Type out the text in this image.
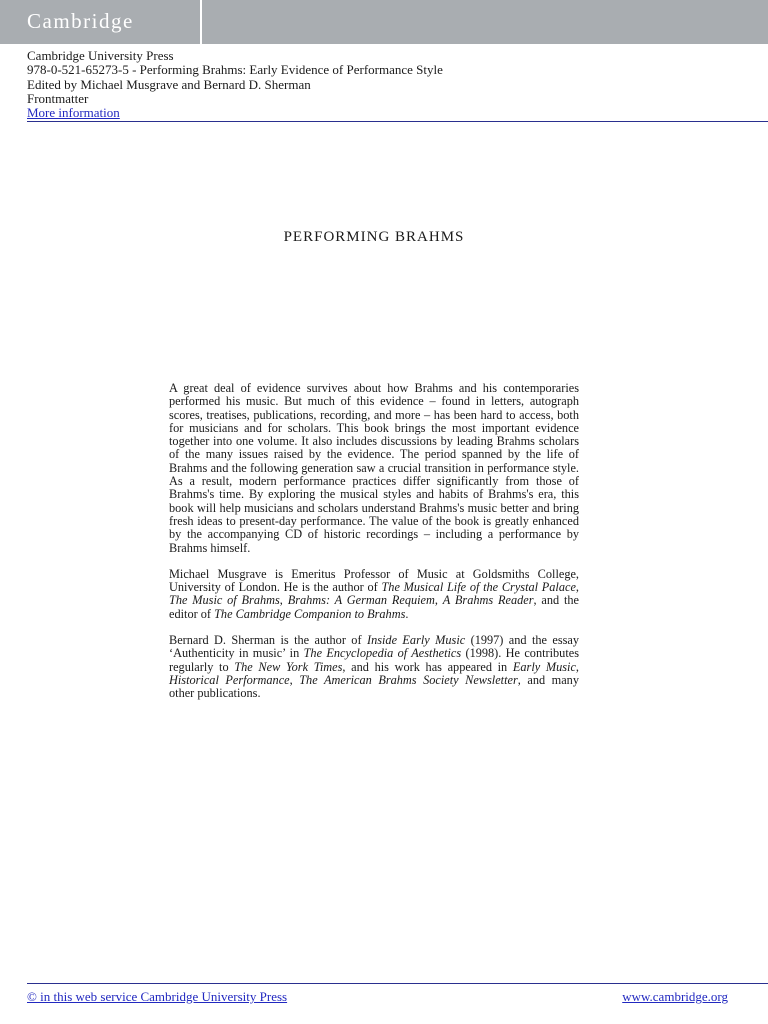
Cambridge
Cambridge University Press
978-0-521-65273-5 - Performing Brahms: Early Evidence of Performance Style
Edited by Michael Musgrave and Bernard D. Sherman
Frontmatter
More information
PERFORMING BRAHMS

A great deal of evidence survives about how Brahms and his contemporaries performed his music. But much of this evidence – found in letters, autograph scores, treatises, publications, recording, and more – has been hard to access, both for musicians and for scholars. This book brings the most important evidence together into one volume. It also includes discussions by leading Brahms scholars of the many issues raised by the evidence. The period spanned by the life of Brahms and the following generation saw a crucial transition in performance style. As a result, modern performance practices differ significantly from those of Brahms's time. By exploring the musical styles and habits of Brahms's era, this book will help musicians and scholars understand Brahms's music better and bring fresh ideas to present-day performance. The value of the book is greatly enhanced by the accompanying CD of historic recordings – including a performance by Brahms himself.

Michael Musgrave is Emeritus Professor of Music at Goldsmiths College, University of London. He is the author of The Musical Life of the Crystal Palace, The Music of Brahms, Brahms: A German Requiem, A Brahms Reader, and the editor of The Cambridge Companion to Brahms.

Bernard D. Sherman is the author of Inside Early Music (1997) and the essay ‘Authenticity in music’ in The Encyclopedia of Aesthetics (1998). He contributes regularly to The New York Times, and his work has appeared in Early Music, Historical Performance, The American Brahms Society Newsletter, and many other publications.

© in this web service Cambridge University Press	www.cambridge.org
